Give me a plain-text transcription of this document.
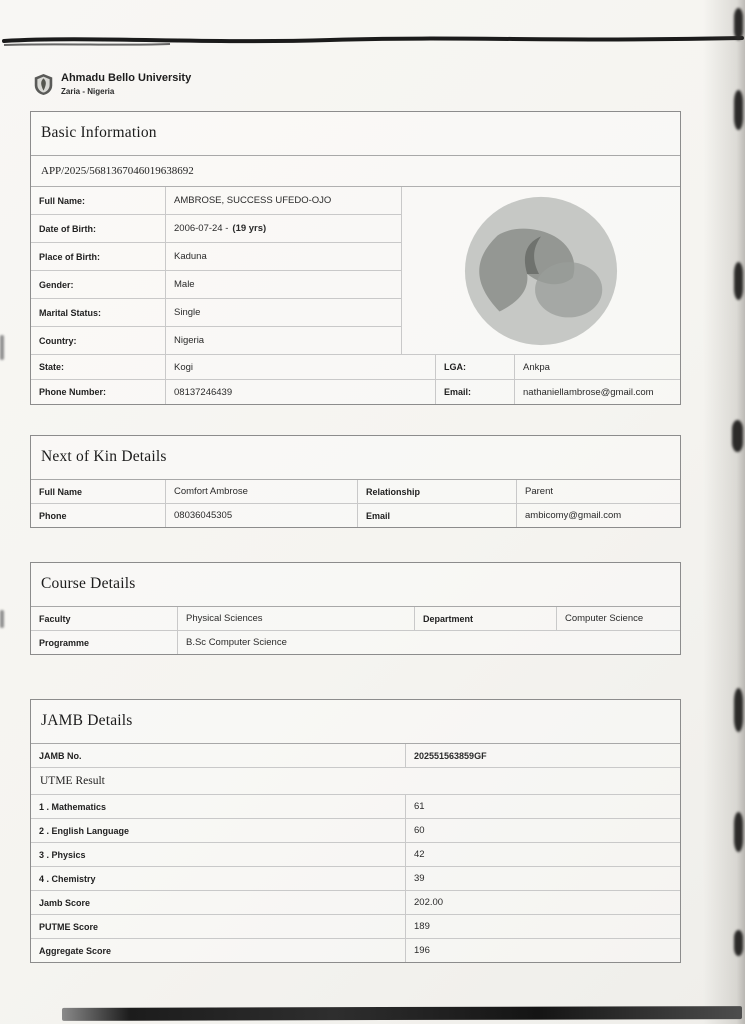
Ahmadu Bello University
Zaria - Nigeria
Basic Information
APP/2025/5681367046019638692
Full Name:	AMBROSE, SUCCESS UFEDO-OJO
Date of Birth:	2006-07-24 - (19 yrs)
Place of Birth:	Kaduna
Gender:	Male
Marital Status:	Single
Country:	Nigeria
State:	Kogi	LGA:	Ankpa
Phone Number:	08137246439	Email:	nathaniellambrose@gmail.com
Next of Kin Details
Full Name	Comfort Ambrose	Relationship	Parent
Phone	08036045305	Email	ambicomy@gmail.com
Course Details
Faculty	Physical Sciences	Department	Computer Science
Programme	B.Sc Computer Science
JAMB Details
JAMB No.	202551563859GF
UTME Result
1 . Mathematics	61
2 . English Language	60
3 . Physics	42
4 . Chemistry	39
Jamb Score	202.00
PUTME Score	189
Aggregate Score	196
